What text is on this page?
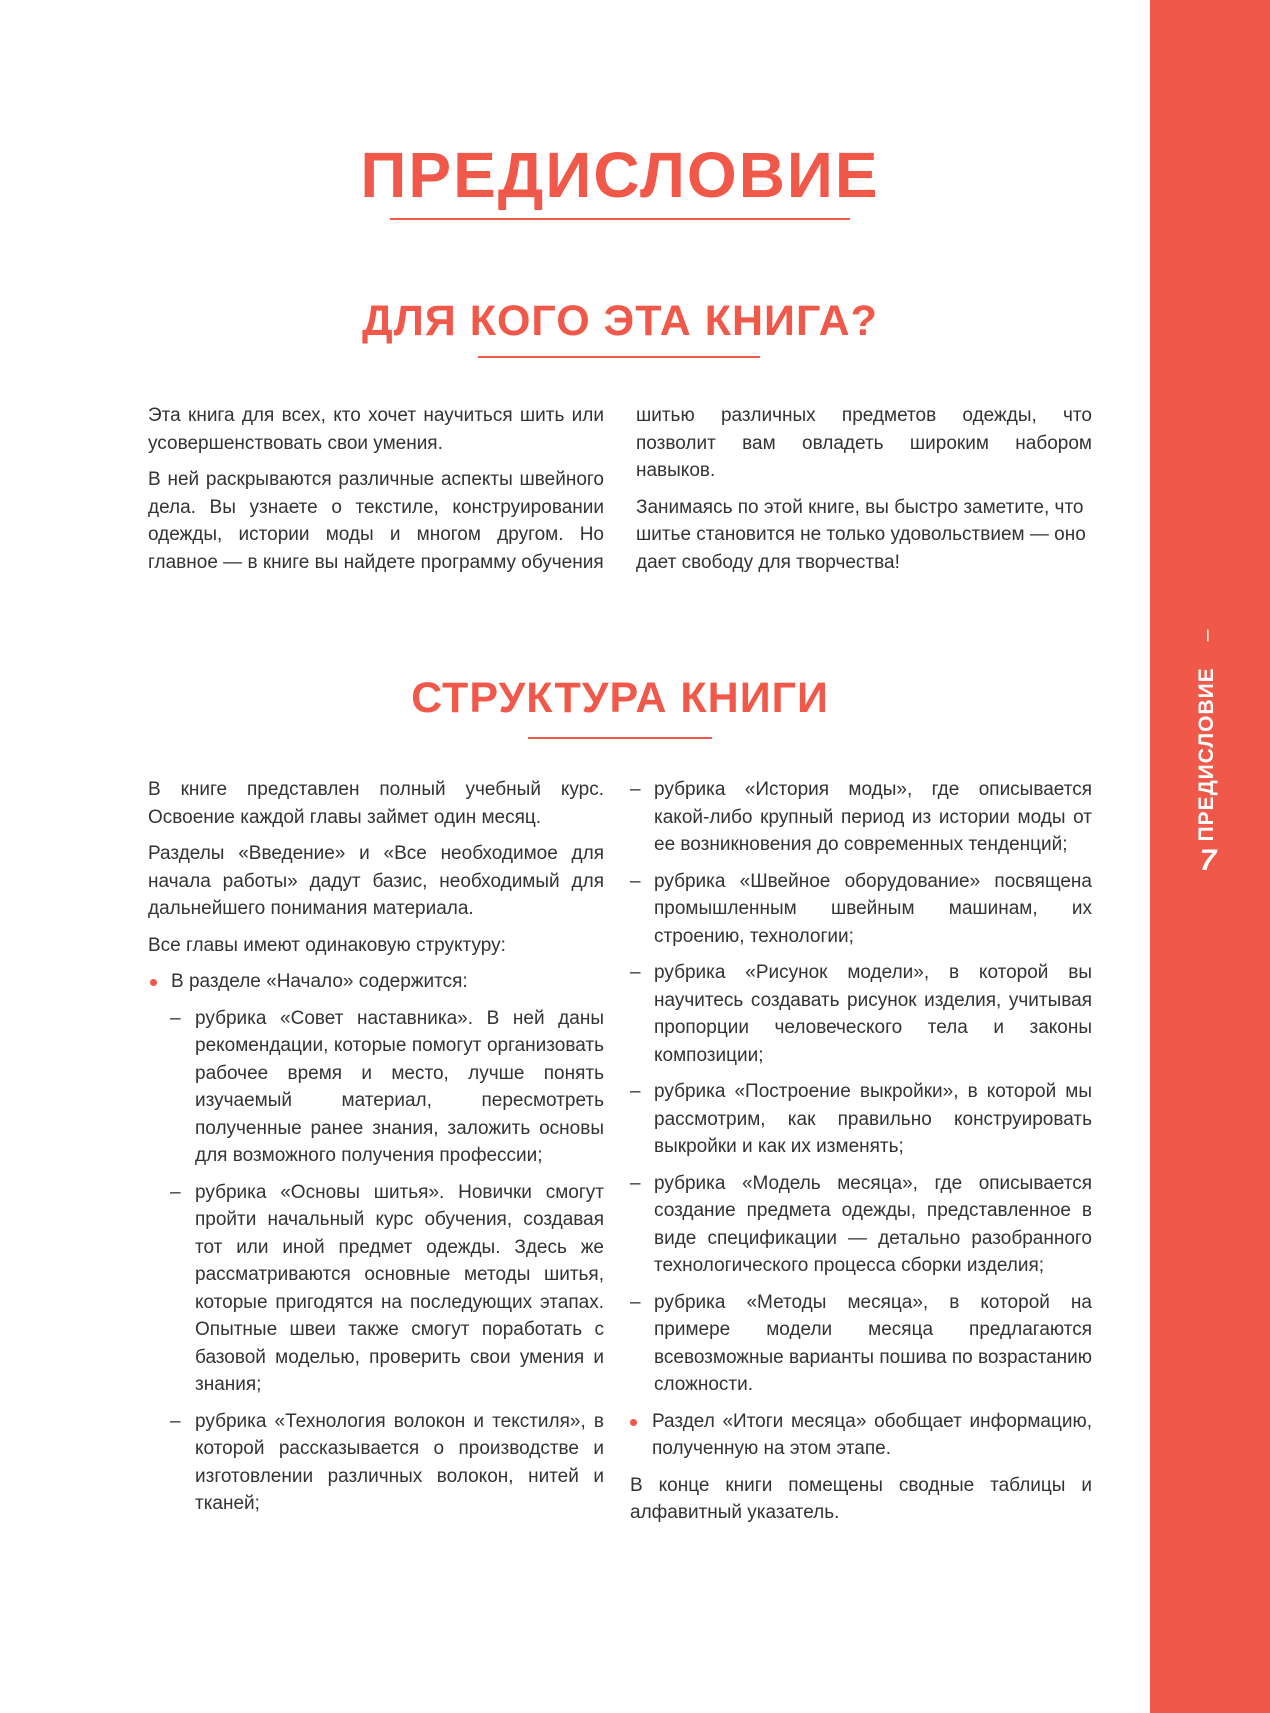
ПРЕДИСЛОВИЕ–
7
ПРЕДИСЛОВИЕ
ДЛЯ КОГО ЭТА КНИГА?

Эта книга для всех, кто хочет научиться шить или усовершенствовать свои умения.

В ней раскрываются различные аспекты швейного дела. Вы узнаете о текстиле, конструировании одежды, истории моды и многом другом. Но главное — в книге вы найдете программу обучения

шитью различных предметов одежды, что позволит вам овладеть широким набором навыков.

Занимаясь по этой книге, вы быстро заметите, что шитье становится не только удовольствием — оно дает свободу для творчества!

СТРУКТУРА КНИГИ

В книге представлен полный учебный курс. Освоение каждой главы займет один месяц.

Разделы «Введение» и «Все необходимое для начала работы» дадут базис, необходимый для дальнейшего понимания материала.

Все главы имеют одинаковую структуру:

В разделе «Начало» содержится:
– рубрика «Совет наставника». В ней даны рекомендации, которые помогут организовать рабочее время и место, лучше понять изучаемый материал, пересмотреть полученные ранее знания, заложить основы для возможного получения профессии;
– рубрика «Основы шитья». Новички смогут пройти начальный курс обучения, создавая тот или иной предмет одежды. Здесь же рассматриваются основные методы шитья, которые пригодятся на последующих этапах. Опытные швеи также смогут поработать с базовой моделью, проверить свои умения и знания;
– рубрика «Технология волокон и текстиля», в которой рассказывается о производстве и изготовлении различных волокон, нитей и тканей;
– рубрика «История моды», где описывается какой-либо крупный период из истории моды от ее возникновения до современных тенденций;
– рубрика «Швейное оборудование» посвящена промышленным швейным машинам, их строению, технологии;
– рубрика «Рисунок модели», в которой вы научитесь создавать рисунок изделия, учитывая пропорции человеческого тела и законы композиции;
– рубрика «Построение выкройки», в которой мы рассмотрим, как правильно конструировать выкройки и как их изменять;
– рубрика «Модель месяца», где описывается создание предмета одежды, представленное в виде спецификации — детально разобранного технологического процесса сборки изделия;
– рубрика «Методы месяца», в которой на примере модели месяца предлагаются всевозможные варианты пошива по возрастанию сложности.
Раздел «Итоги месяца» обобщает информацию, полученную на этом этапе.

В конце книги помещены сводные таблицы и алфавитный указатель.
